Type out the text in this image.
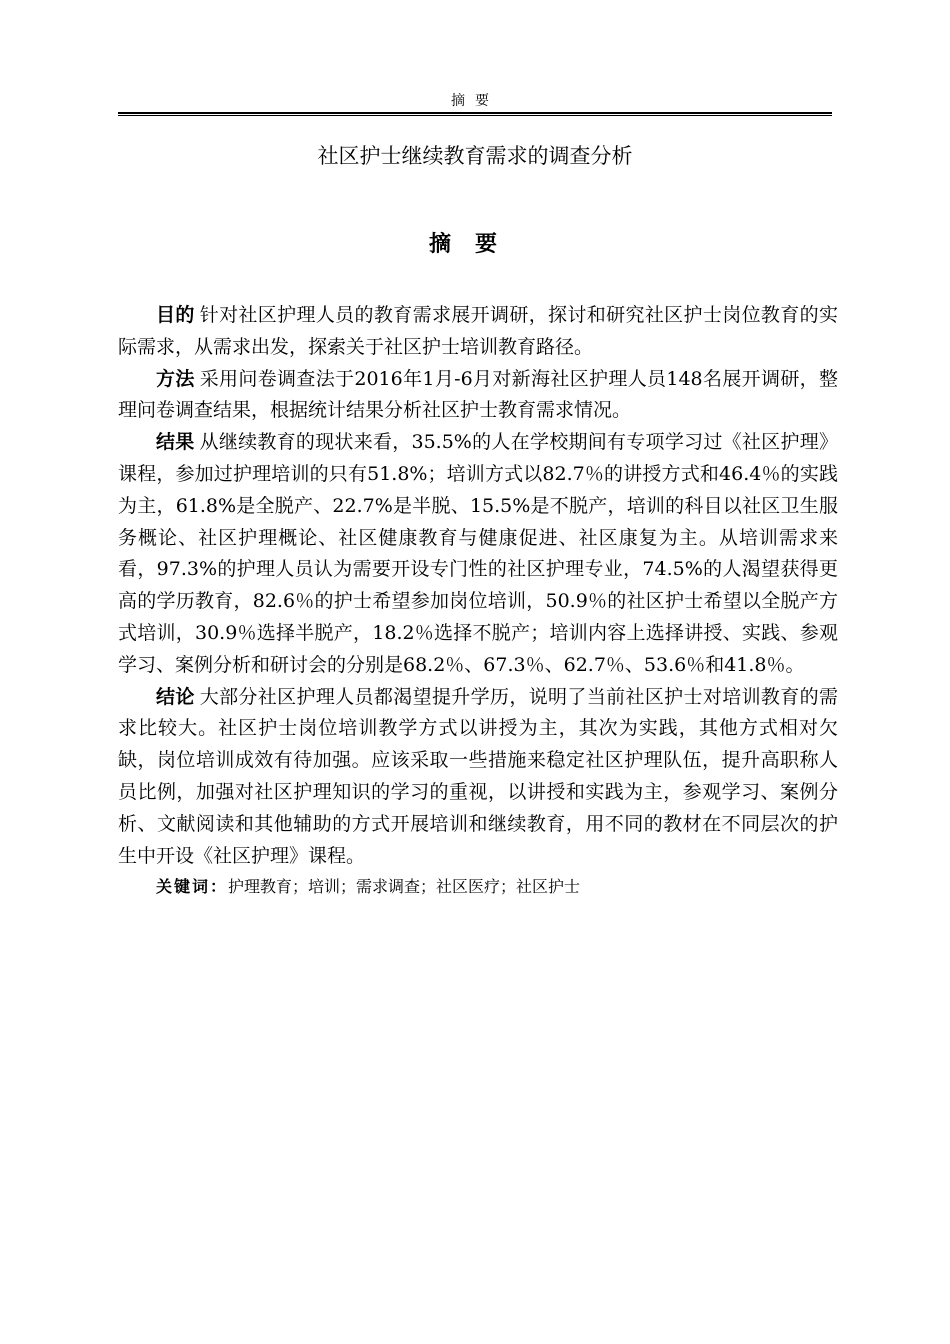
摘要
社区护士继续教育需求的调查分析
摘要

目的 针对社区护理人员的教育需求展开调研，探讨和研究社区护士岗位教育的实际需求，从需求出发，探索关于社区护士培训教育路径。

方法 采用问卷调查法于2016年1月-6月对新海社区护理人员148名展开调研，整理问卷调查结果，根据统计结果分析社区护士教育需求情况。

结果 从继续教育的现状来看，35.5%的人在学校期间有专项学习过《社区护理》课程，参加过护理培训的只有51.8%；培训方式以82.7％的讲授方式和46.4％的实践为主，61.8%是全脱产、22.7%是半脱、15.5%是不脱产，培训的科目以社区卫生服务概论、社区护理概论、社区健康教育与健康促进、社区康复为主。从培训需求来看，97.3%的护理人员认为需要开设专门性的社区护理专业，74.5%的人渴望获得更高的学历教育，82.6％的护士希望参加岗位培训，50.9％的社区护士希望以全脱产方式培训，30.9％选择半脱产，18.2％选择不脱产；培训内容上选择讲授、实践、参观学习、案例分析和研讨会的分别是68.2％、67.3％、62.7％、53.6％和41.8％。

结论 大部分社区护理人员都渴望提升学历，说明了当前社区护士对培训教育的需求比较大。社区护士岗位培训教学方式以讲授为主，其次为实践，其他方式相对欠缺，岗位培训成效有待加强。应该采取一些措施来稳定社区护理队伍，提升高职称人员比例，加强对社区护理知识的学习的重视，以讲授和实践为主，参观学习、案例分析、文献阅读和其他辅助的方式开展培训和继续教育，用不同的教材在不同层次的护生中开设《社区护理》课程。

关键词：护理教育；培训；需求调查；社区医疗；社区护士
